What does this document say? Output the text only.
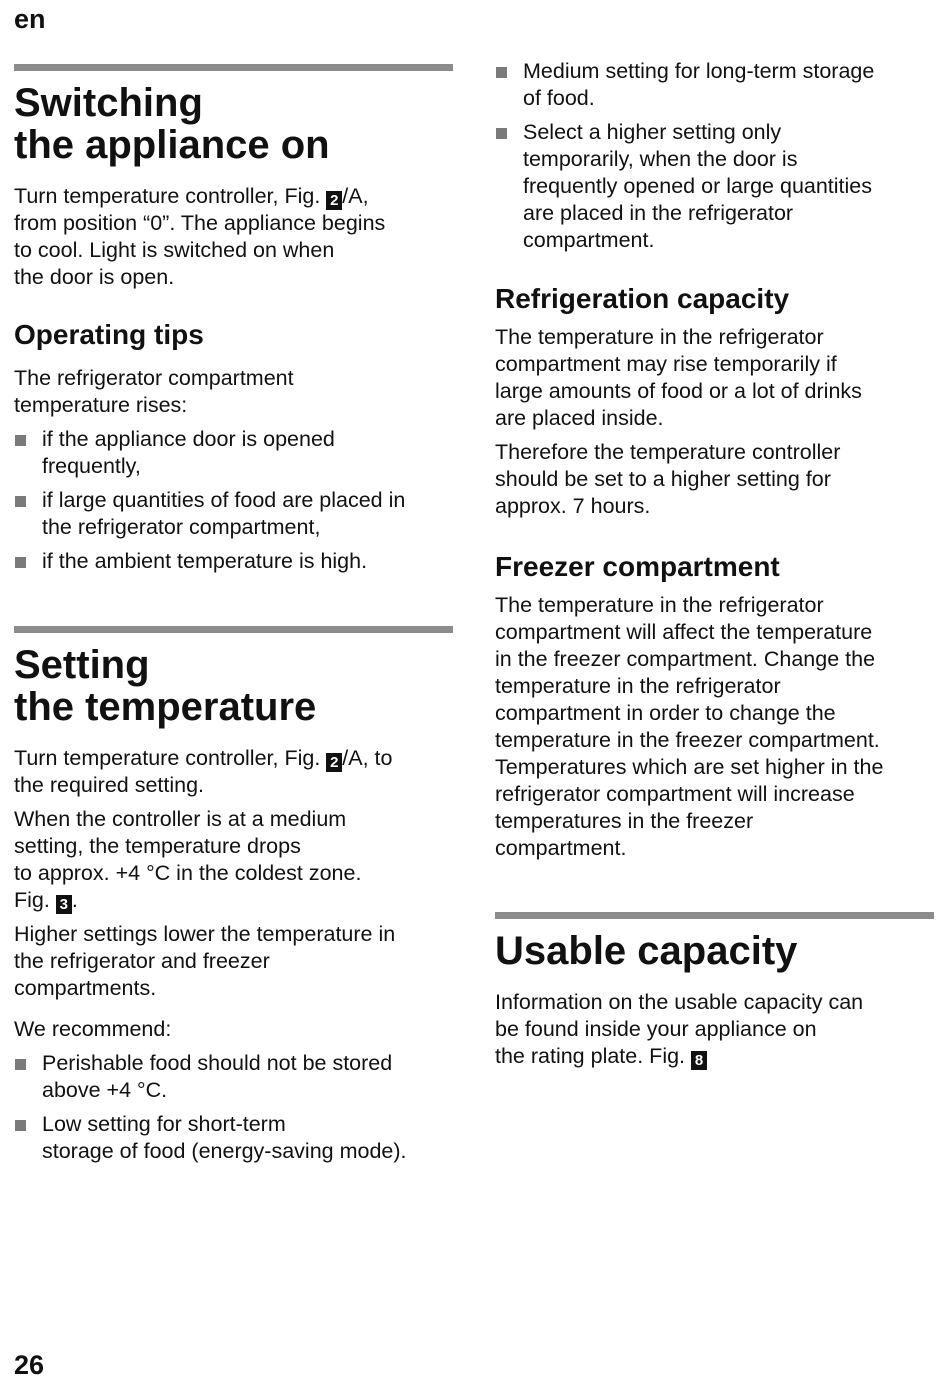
en
26
Switching
the appliance on

Turn temperature controller, Fig. 2 /A,
from position “0”. The appliance begins
to cool. Light is switched on when
the door is open.

Operating tips

The refrigerator compartment
temperature rises:

if the appliance door is opened
frequently,
if large quantities of food are placed in
the refrigerator compartment,
if the ambient temperature is high.
Setting
the temperature

Turn temperature controller, Fig. 2 /A, to
the required setting.

When the controller is at a medium
setting, the temperature drops
to approx. +4 °C in the coldest zone.
Fig. 3 .

Higher settings lower the temperature in
the refrigerator and freezer
compartments.

We recommend:

Perishable food should not be stored
above +4 °C.
Low setting for short-term
storage of food (energy-saving mode).
Medium setting for long-term storage
of food.
Select a higher setting only
temporarily, when the door is
frequently opened or large quantities
are placed in the refrigerator
compartment.
Refrigeration capacity

The temperature in the refrigerator
compartment may rise temporarily if
large amounts of food or a lot of drinks
are placed inside.

Therefore the temperature controller
should be set to a higher setting for
approx. 7 hours.

Freezer compartment

The temperature in the refrigerator
compartment will affect the temperature
in the freezer compartment. Change the
temperature in the refrigerator
compartment in order to change the
temperature in the freezer compartment.
Temperatures which are set higher in the
refrigerator compartment will increase
temperatures in the freezer
compartment.

Usable capacity

Information on the usable capacity can
be found inside your appliance on
the rating plate. Fig. 8
